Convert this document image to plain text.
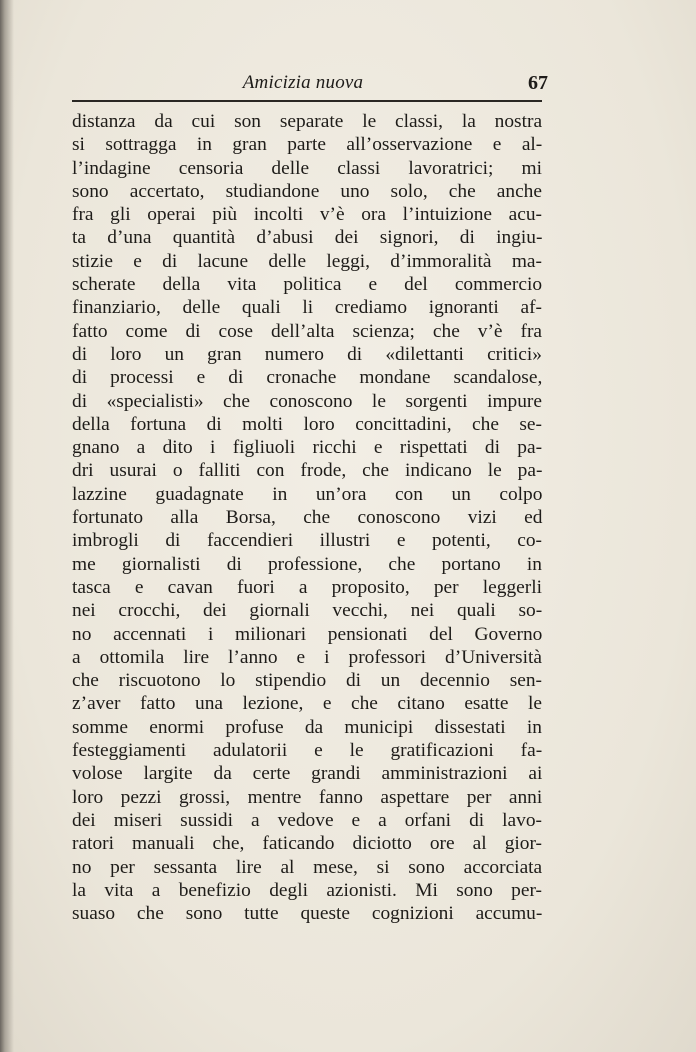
Amicizia nuova	67
distanza da cui son separate le classi, la nostra
si sottragga in gran parte all’osservazione e al-
l’indagine censoria delle classi lavoratrici; mi
sono accertato, studiandone uno solo, che anche
fra gli operai più incolti v’è ora l’intuizione acu-
ta d’una quantità d’abusi dei signori, di ingiu-
stizie e di lacune delle leggi, d’immoralità ma-
scherate della vita politica e del commercio
finanziario, delle quali li crediamo ignoranti af-
fatto come di cose dell’alta scienza; che v’è fra
di loro un gran numero di «dilettanti critici»
di processi e di cronache mondane scandalose,
di «specialisti» che conoscono le sorgenti impure
della fortuna di molti loro concittadini, che se-
gnano a dito i figliuoli ricchi e rispettati di pa-
dri usurai o falliti con frode, che indicano le pa-
lazzine guadagnate in un’ora con un colpo
fortunato alla Borsa, che conoscono vizi ed
imbrogli di faccendieri illustri e potenti, co-
me giornalisti di professione, che portano in
tasca e cavan fuori a proposito, per leggerli
nei crocchi, dei giornali vecchi, nei quali so-
no accennati i milionari pensionati del Governo
a ottomila lire l’anno e i professori d’Università
che riscuotono lo stipendio di un decennio sen-
z’aver fatto una lezione, e che citano esatte le
somme enormi profuse da municipi dissestati in
festeggiamenti adulatorii e le gratificazioni fa-
volose largite da certe grandi amministrazioni ai
loro pezzi grossi, mentre fanno aspettare per anni
dei miseri sussidi a vedove e a orfani di lavo-
ratori manuali che, faticando diciotto ore al gior-
no per sessanta lire al mese, si sono accorciata
la vita a benefizio degli azionisti. Mi sono per-
suaso che sono tutte queste cognizioni accumu-
